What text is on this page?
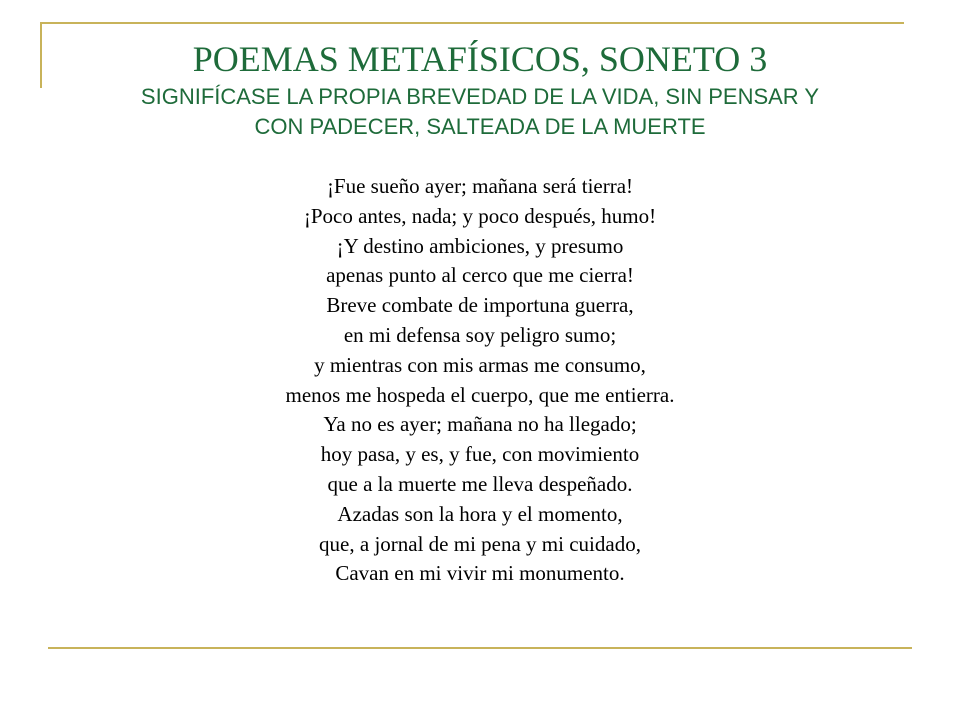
POEMAS METAFÍSICOS, SONETO 3
SIGNIFÍCASE LA PROPIA BREVEDAD DE LA VIDA, SIN PENSAR Y
CON PADECER, SALTEADA DE LA MUERTE
¡Fue sueño ayer; mañana será tierra!
¡Poco antes, nada; y poco después, humo!
¡Y destino ambiciones, y presumo
apenas punto al cerco que me cierra!
Breve combate de importuna guerra,
en mi defensa soy peligro sumo;
y mientras con mis armas me consumo,
menos me hospeda el cuerpo, que me entierra.
Ya no es ayer; mañana no ha llegado;
hoy pasa, y es, y fue, con movimiento
que a la muerte me lleva despeñado.
Azadas son la hora y el momento,
que, a jornal de mi pena y mi cuidado,
Cavan en mi vivir mi monumento.
